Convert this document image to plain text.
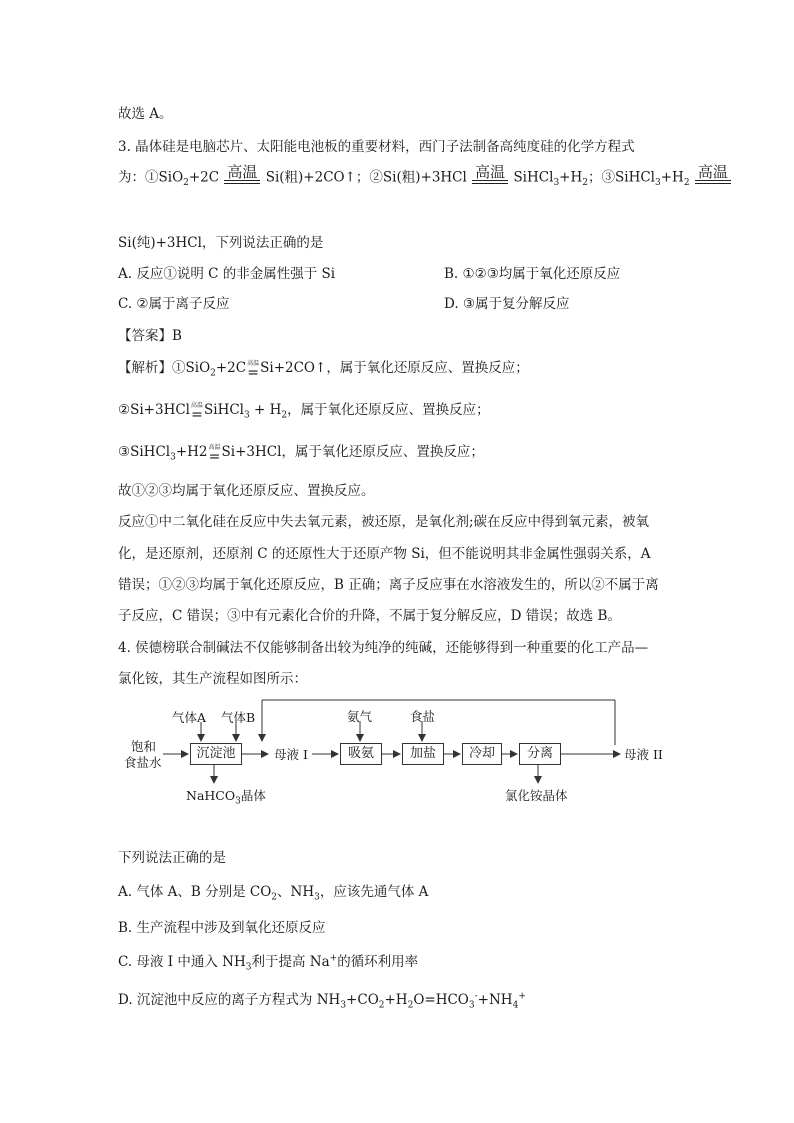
故选 A。
3. 晶体硅是电脑芯片、太阳能电池板的重要材料，西门子法制备高纯度硅的化学方程式
为：①SiO$_2$+2C 高温 Si(粗)+2CO↑；②Si(粗)+3HCl 高温 $SiHCl_3+H_2$；$③SiHCl_3+H_2$
高温
Si(纯)+3HCl，下列说法正确的是
A. 反应①说明 C 的非金属性强于 Si	B. ①②③均属于氧化还原反应
C. ②属于离子反应	D. ③属于复分解反应
【答案】B
【解析】①SiO$_2$+2C 高温
= Si+2CO↑，属于氧化还原反应、置换反应；
②Si+3HCl 高温
= SiHCl$_3$ + $H_2$，属于氧化还原反应、置换反应；
③SiHCl$_3$+H2 高温
= Si+3HCl，属于氧化还原反应、置换反应；
故①②③均属于氧化还原反应、置换反应。
反应①中二氧化硅在反应中失去氧元素，被还原，是氧化剂;碳在反应中得到氧元素，被氧
化，是还原剂，还原剂 C 的还原性大于还原产物 Si，但不能说明其非金属性强弱关系，A
错误；①②③均属于氧化还原反应，B 正确；离子反应事在水溶液发生的，所以②不属于离
子反应，C 错误；③中有元素化合价的升降，不属于复分解反应，D 错误；故选 B。
4. 侯德榜联合制碱法不仅能够制备出较为纯净的纯碱，还能够得到一种重要的化工产品—
氯化铵，其生产流程如图所示：
气体A 气体B
饱和
食盐水
沉淀池	母液 I
氨气	食盐
吸氨	加盐	冷却	分离	母液 II
NaHCO$_3$晶体	氯化铵晶体
下列说法正确的是
A. 气体 A、B 分别是 $CO_2$、$NH_3$，应该先通气体 A
B. 生产流程中涉及到氧化还原反应
C. 母液 I 中通入 $NH_3$利于提高 Na+的循环利用率
D. 沉淀池中反应的离子方程式为 $NH_3+CO_2+H_2O=HCO_3^-+NH_4^+$
